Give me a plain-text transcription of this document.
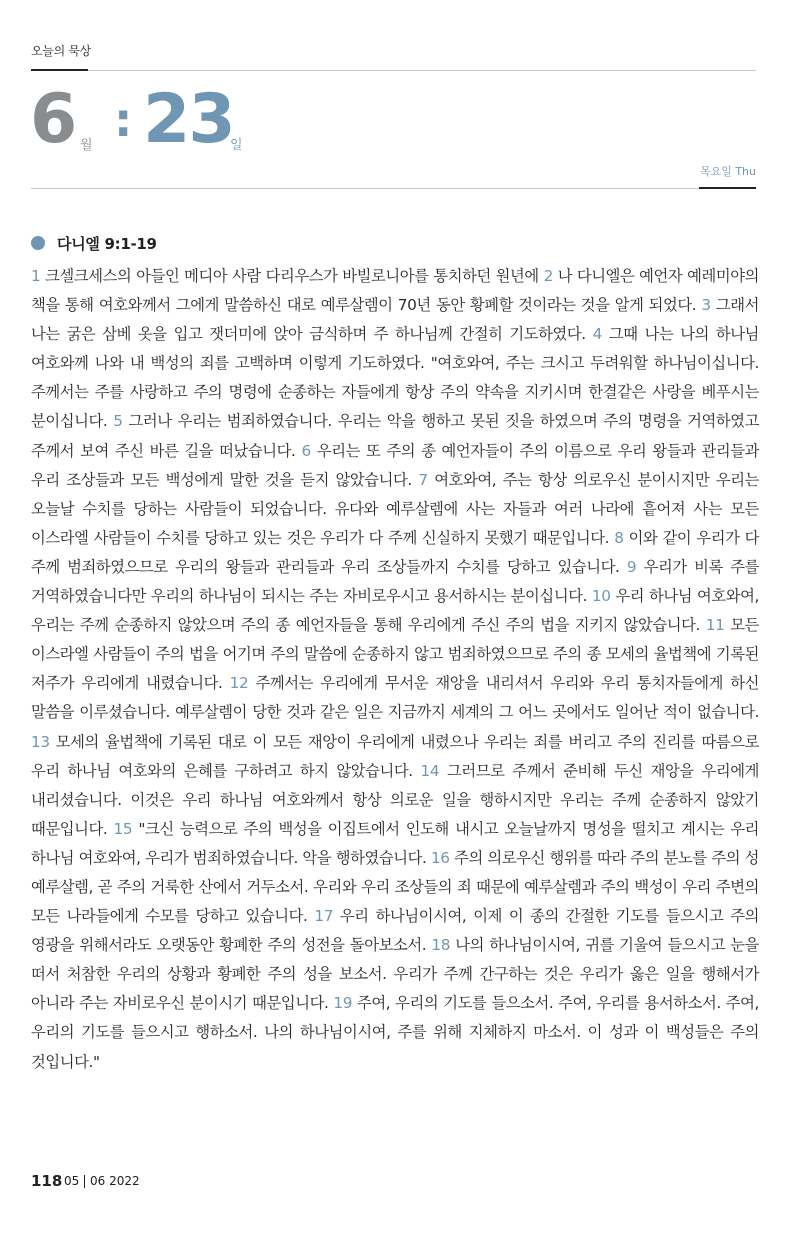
오늘의 묵상
6 월 : 23
일
목요일 Thu
다니엘 9:1-19

1 크셀크세스의 아들인 메디아 사람 다리우스가 바빌로니아를 통치하던 원년에 2 나 다니엘은 예언자 예레미야의 책을 통해 여호와께서 그에게 말씀하신 대로 예루살렘이 70년 동안 황폐할 것이라는 것을 알게 되었다. 3 그래서 나는 굵은 삼베 옷을 입고 잿더미에 앉아 금식하며 주 하나님께 간절히 기도하였다. 4 그때 나는 나의 하나님 여호와께 나와 내 백성의 죄를 고백하며 이렇게 기도하였다. "여호와여, 주는 크시고 두려워할 하나님이십니다. 주께서는 주를 사랑하고 주의 명령에 순종하는 자들에게 항상 주의 약속을 지키시며 한결같은 사랑을 베푸시는 분이십니다. 5 그러나 우리는 범죄하였습니다. 우리는 악을 행하고 못된 짓을 하였으며 주의 명령을 거역하였고 주께서 보여 주신 바른 길을 떠났습니다. 6 우리는 또 주의 종 예언자들이 주의 이름으로 우리 왕들과 관리들과 우리 조상들과 모든 백성에게 말한 것을 듣지 않았습니다. 7 여호와여, 주는 항상 의로우신 분이시지만 우리는 오늘날 수치를 당하는 사람들이 되었습니다. 유다와 예루살렘에 사는 자들과 여러 나라에 흩어져 사는 모든 이스라엘 사람들이 수치를 당하고 있는 것은 우리가 다 주께 신실하지 못했기 때문입니다. 8 이와 같이 우리가 다 주께 범죄하였으므로 우리의 왕들과 관리들과 우리 조상들까지 수치를 당하고 있습니다. 9 우리가 비록 주를 거역하였습니다만 우리의 하나님이 되시는 주는 자비로우시고 용서하시는 분이십니다. 10 우리 하나님 여호와여, 우리는 주께 순종하지 않았으며 주의 종 예언자들을 통해 우리에게 주신 주의 법을 지키지 않았습니다. 11 모든 이스라엘 사람들이 주의 법을 어기며 주의 말씀에 순종하지 않고 범죄하였으므로 주의 종 모세의 율법책에 기록된 저주가 우리에게 내렸습니다. 12 주께서는 우리에게 무서운 재앙을 내리셔서 우리와 우리 통치자들에게 하신 말씀을 이루셨습니다. 예루살렘이 당한 것과 같은 일은 지금까지 세계의 그 어느 곳에서도 일어난 적이 없습니다. 13 모세의 율법책에 기록된 대로 이 모든 재앙이 우리에게 내렸으나 우리는 죄를 버리고 주의 진리를 따름으로 우리 하나님 여호와의 은혜를 구하려고 하지 않았습니다. 14 그러므로 주께서 준비해 두신 재앙을 우리에게 내리셨습니다. 이것은 우리 하나님 여호와께서 항상 의로운 일을 행하시지만 우리는 주께 순종하지 않았기 때문입니다. 15 "크신 능력으로 주의 백성을 이집트에서 인도해 내시고 오늘날까지 명성을 떨치고 계시는 우리 하나님 여호와여, 우리가 범죄하였습니다. 악을 행하였습니다. 16 주의 의로우신 행위를 따라 주의 분노를 주의 성 예루살렘, 곧 주의 거룩한 산에서 거두소서. 우리와 우리 조상들의 죄 때문에 예루살렘과 주의 백성이 우리 주변의 모든 나라들에게 수모를 당하고 있습니다. 17 우리 하나님이시여, 이제 이 종의 간절한 기도를 들으시고 주의 영광을 위해서라도 오랫동안 황폐한 주의 성전을 돌아보소서. 18 나의 하나님이시여, 귀를 기울여 들으시고 눈을 떠서 처참한 우리의 상황과 황폐한 주의 성을 보소서. 우리가 주께 간구하는 것은 우리가 옳은 일을 행해서가 아니라 주는 자비로우신 분이시기 때문입니다. 19 주여, 우리의 기도를 들으소서. 주여, 우리를 용서하소서. 주여, 우리의 기도를 들으시고 행하소서. 나의 하나님이시여, 주를 위해 지체하지 마소서. 이 성과 이 백성들은 주의 것입니다."

118 05 06 2022
